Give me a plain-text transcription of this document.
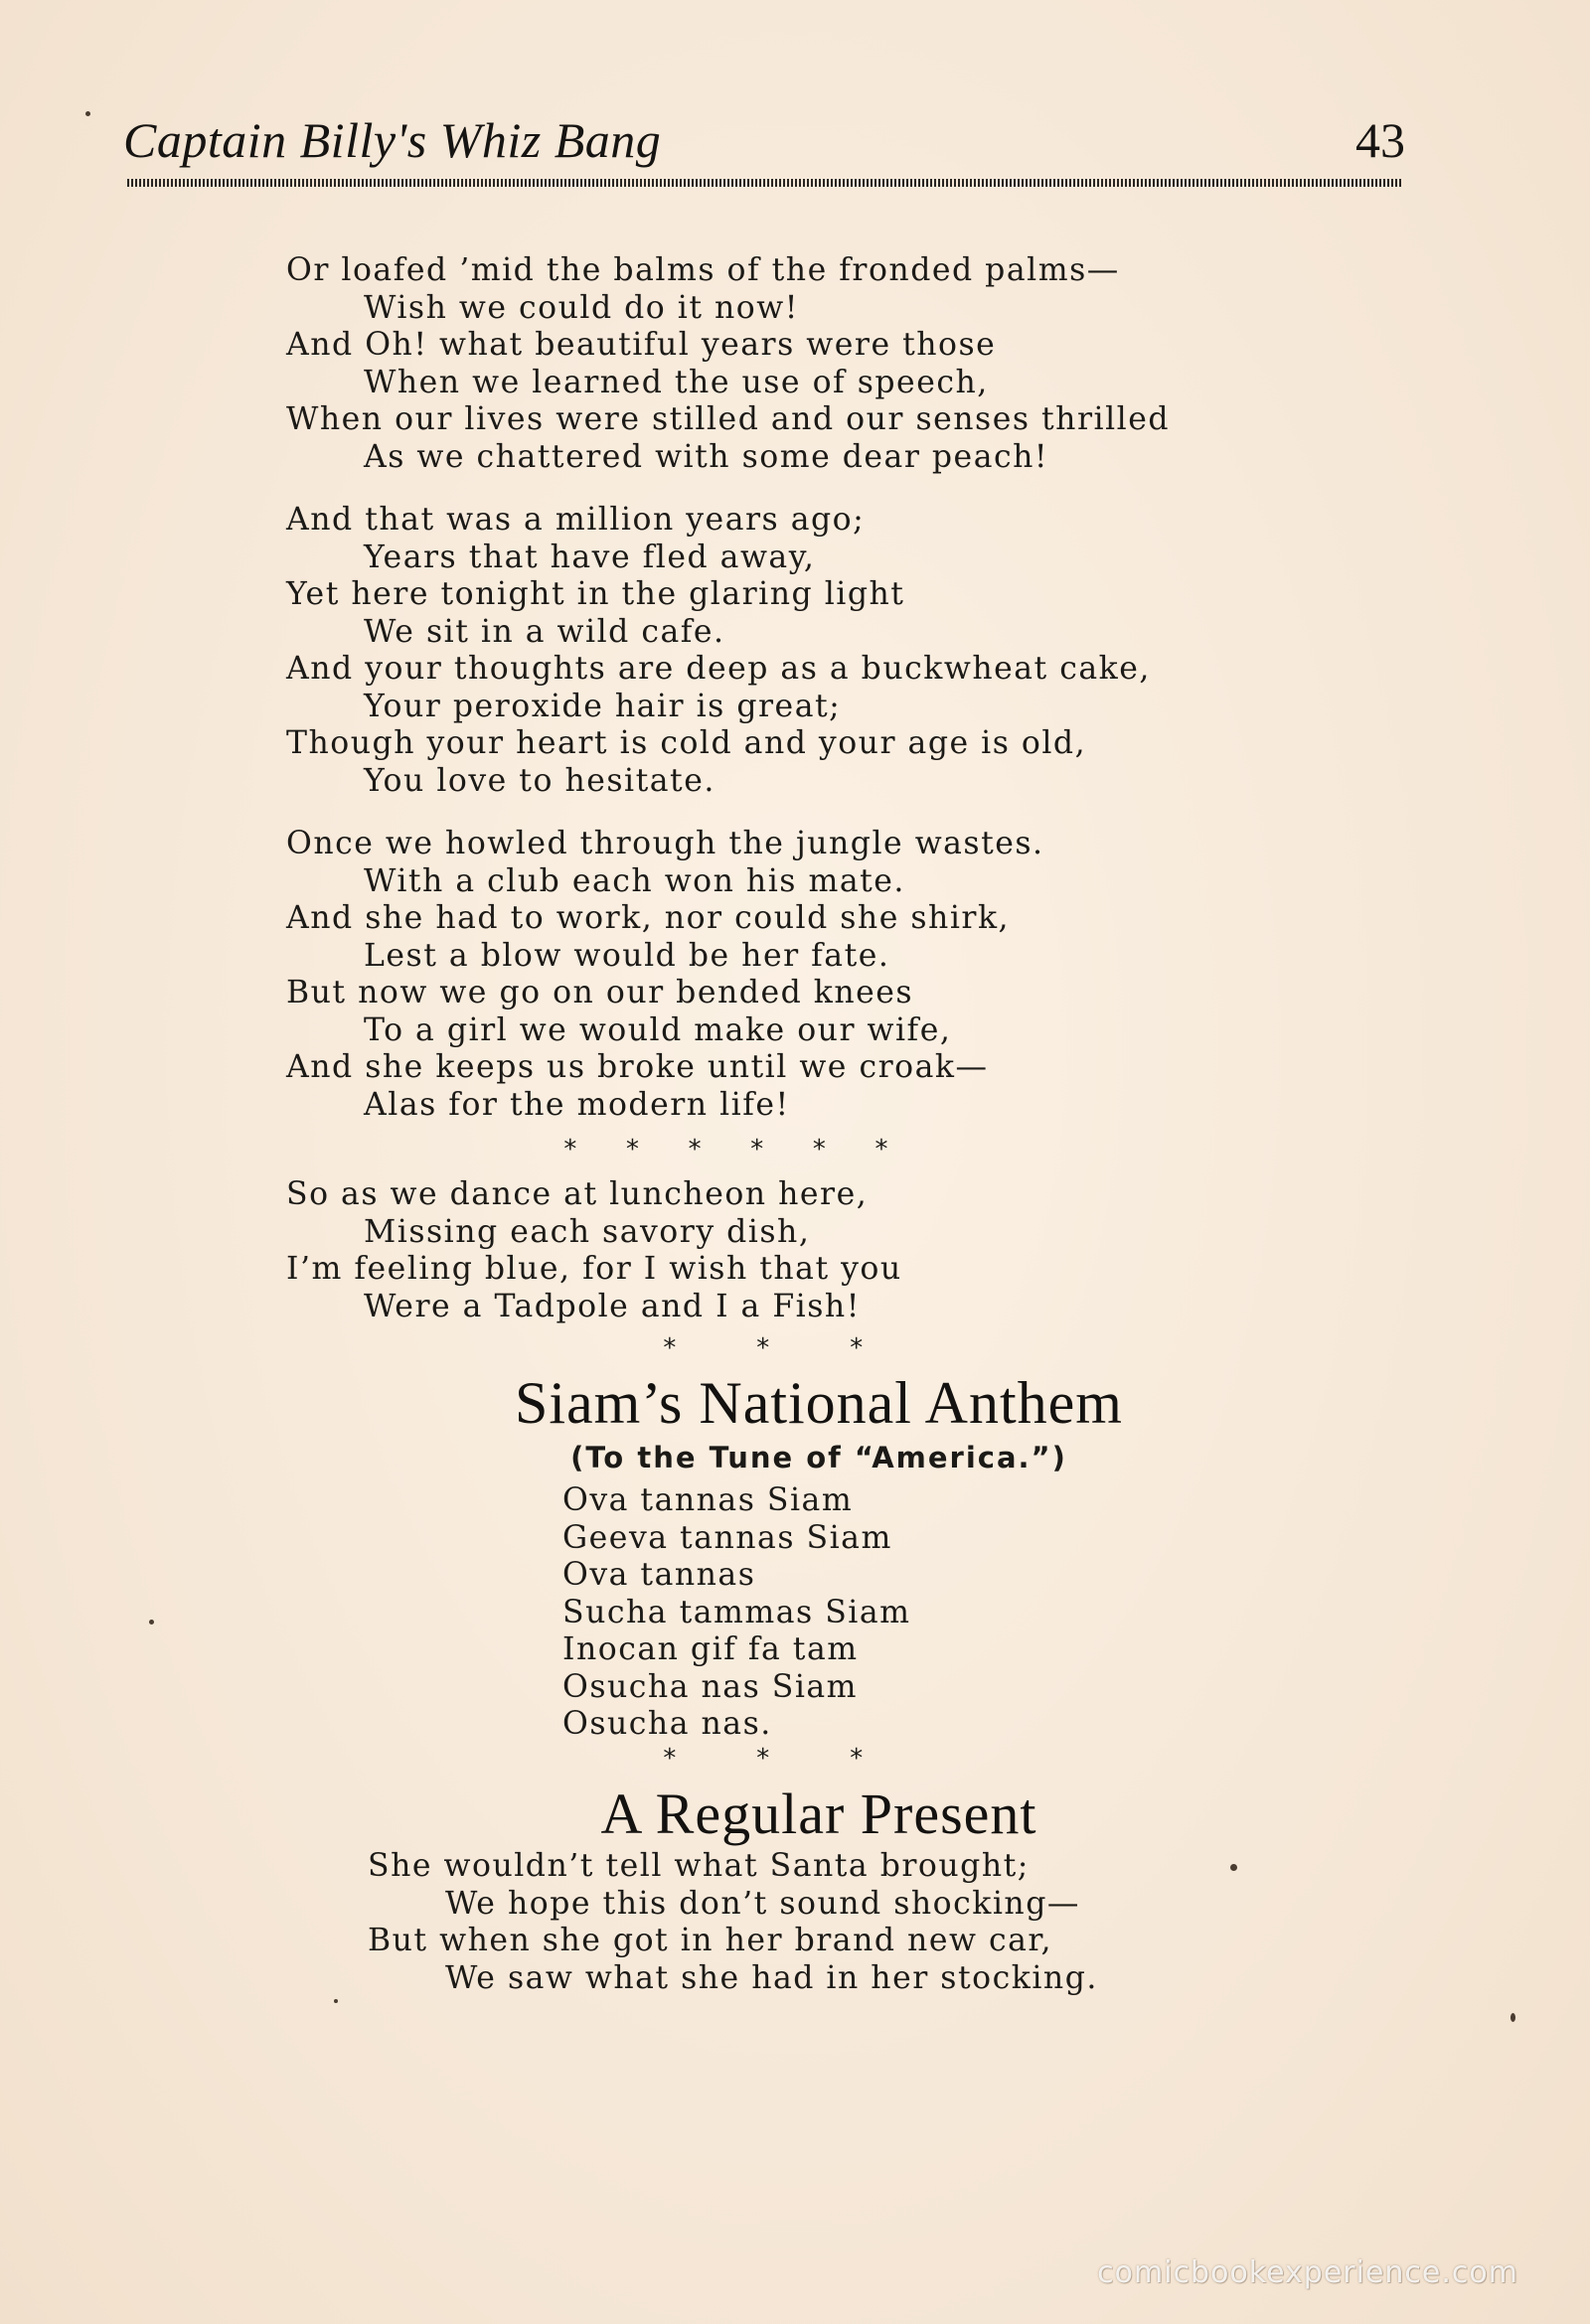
Captain Billy's Whiz Bang	43
Or loafed ’mid the balms of the fronded palms—
Wish we could do it now!
And Oh! what beautiful years were those
When we learned the use of speech,
When our lives were stilled and our senses thrilled
As we chattered with some dear peach!
And that was a million years ago;
Years that have fled away,
Yet here tonight in the glaring light
We sit in a wild cafe.
And your thoughts are deep as a buckwheat cake,
Your peroxide hair is great;
Though your heart is cold and your age is old,
You love to hesitate.
Once we howled through the jungle wastes.
With a club each won his mate.
And she had to work, nor could she shirk,
Lest a blow would be her fate.
But now we go on our bended knees
To a girl we would make our wife,
And she keeps us broke until we croak—
Alas for the modern life!
*   *   *   *   *   *
So as we dance at luncheon here,
Missing each savory dish,
I’m feeling blue, for I wish that you
Were a Tadpole and I a Fish!
*     *     *
Siam’s National Anthem
(To the Tune of “America.”)
Ova tannas Siam
Geeva tannas Siam
Ova tannas
Sucha tammas Siam
Inocan gif fa tam
Osucha nas Siam
Osucha nas.
*     *     *
A Regular Present
She wouldn’t tell what Santa brought;
We hope this don’t sound shocking—
But when she got in her brand new car,
We saw what she had in her stocking.
comicbookexperience.com
